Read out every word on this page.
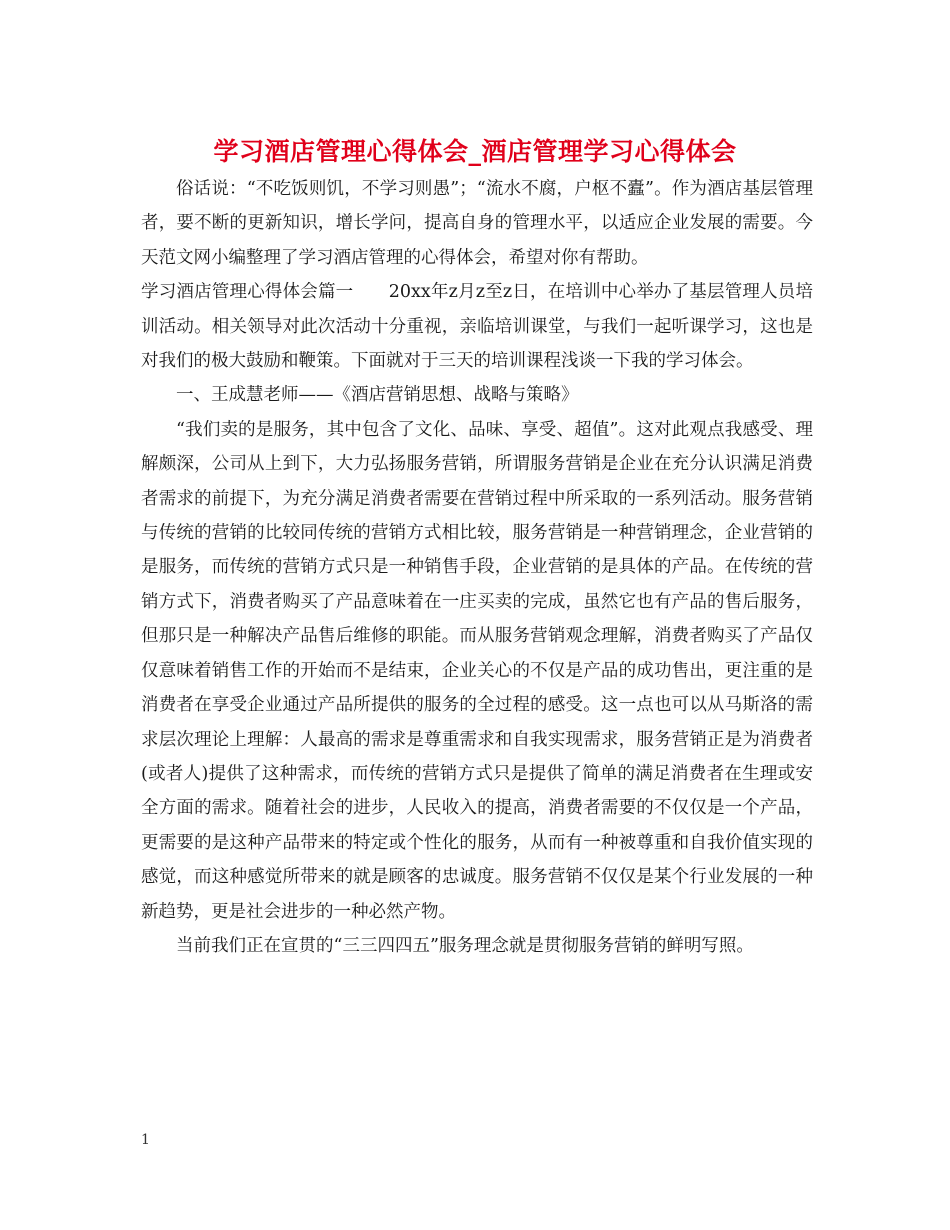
学习酒店管理心得体会_酒店管理学习心得体会

俗话说：“不吃饭则饥，不学习则愚”；“流水不腐，户枢不蠹”。作为酒店基层管理者，要不断的更新知识，增长学问，提高自身的管理水平，以适应企业发展的需要。今天范文网小编整理了学习酒店管理的心得体会，希望对你有帮助。

学习酒店管理心得体会篇一　　20xx年z月z至z日，在培训中心举办了基层管理人员培训活动。相关领导对此次活动十分重视，亲临培训课堂，与我们一起听课学习，这也是对我们的极大鼓励和鞭策。下面就对于三天的培训课程浅谈一下我的学习体会。

一、王成慧老师——《酒店营销思想、战略与策略》

“我们卖的是服务，其中包含了文化、品味、享受、超值”。这对此观点我感受、理解颇深，公司从上到下，大力弘扬服务营销，所谓服务营销是企业在充分认识满足消费者需求的前提下，为充分满足消费者需要在营销过程中所采取的一系列活动。服务营销与传统的营销的比较同传统的营销方式相比较，服务营销是一种营销理念，企业营销的是服务，而传统的营销方式只是一种销售手段，企业营销的是具体的产品。在传统的营销方式下，消费者购买了产品意味着在一庄买卖的完成，虽然它也有产品的售后服务，但那只是一种解决产品售后维修的职能。而从服务营销观念理解，消费者购买了产品仅仅意味着销售工作的开始而不是结束，企业关心的不仅是产品的成功售出，更注重的是消费者在享受企业通过产品所提供的服务的全过程的感受。这一点也可以从马斯洛的需求层次理论上理解：人最高的需求是尊重需求和自我实现需求，服务营销正是为消费者(或者人)提供了这种需求，而传统的营销方式只是提供了简单的满足消费者在生理或安全方面的需求。随着社会的进步，人民收入的提高，消费者需要的不仅仅是一个产品，更需要的是这种产品带来的特定或个性化的服务，从而有一种被尊重和自我价值实现的感觉，而这种感觉所带来的就是顾客的忠诚度。服务营销不仅仅是某个行业发展的一种新趋势，更是社会进步的一种必然产物。

当前我们正在宣贯的“三三四四五”服务理念就是贯彻服务营销的鲜明写照。

1
